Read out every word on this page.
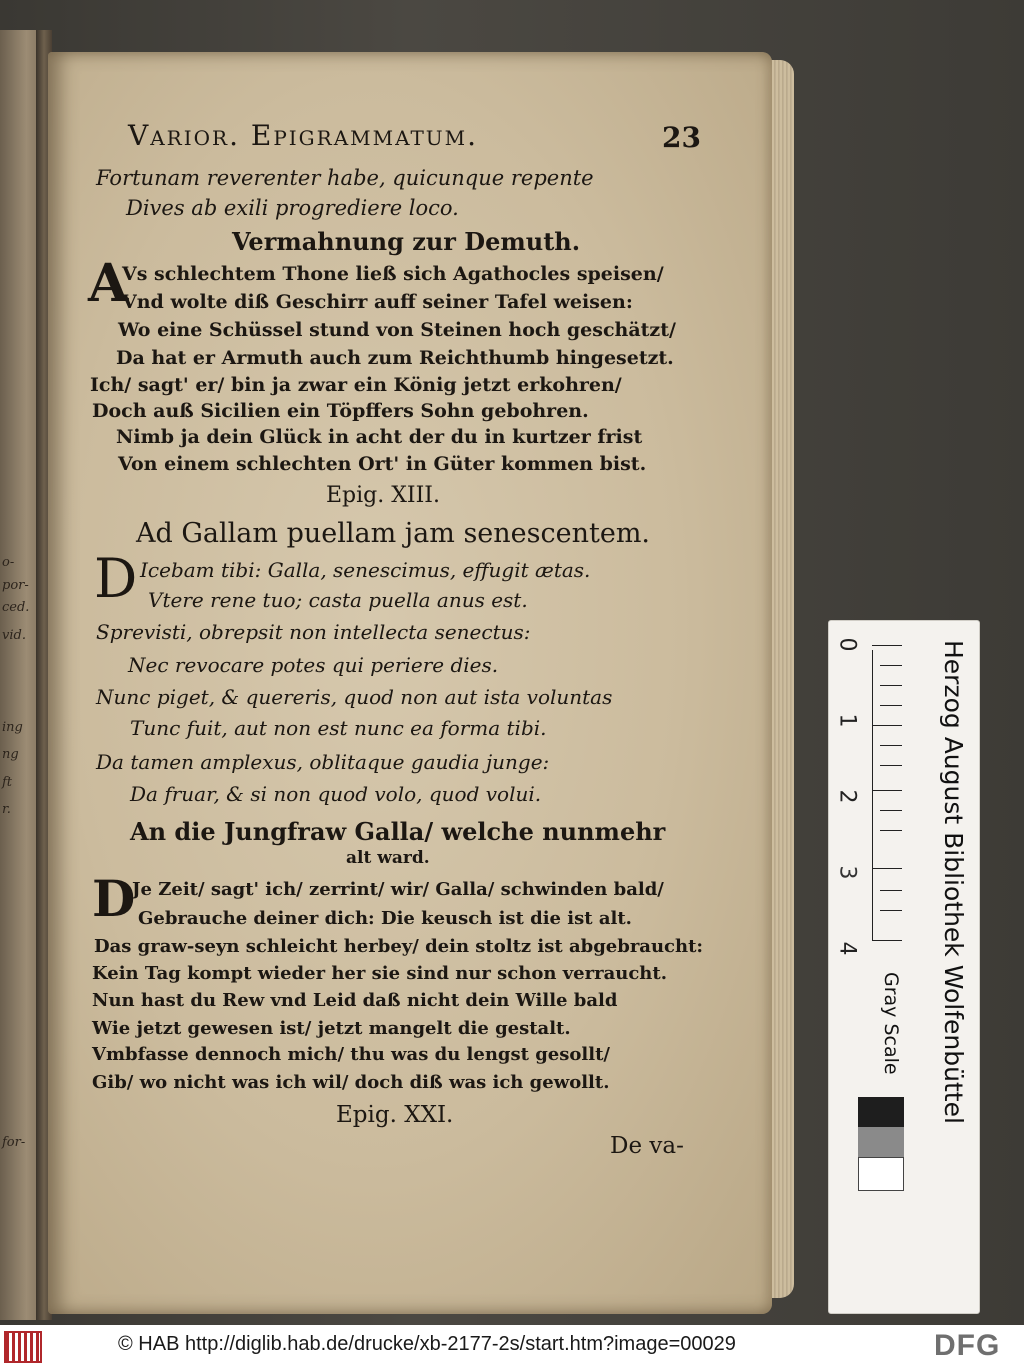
o-
por-
ced.
vid.
ing
ng
ft
r.
for-
Varior. Epigrammatum.	23
Fortunam reverenter habe, quicunque repente
Dives ab exili progrediere loco.
Vermahnung zur Demuth.
A
Vs schlechtem Thone ließ sich Agathocles speisen/
Vnd wolte diß Geschirr auff seiner Tafel weisen:
Wo eine Schüssel stund von Steinen hoch geschätzt/
Da hat er Armuth auch zum Reichthumb hingesetzt.
Ich/ sagt' er/ bin ja zwar ein König jetzt erkohren/
Doch auß Sicilien ein Töpffers Sohn gebohren.
Nimb ja dein Glück in acht der du in kurtzer frist
Von einem schlechten Ort' in Güter kommen bist.
Epig. XIII.
Ad Gallam puellam jam senescentem.
D Icebam tibi: Galla, senescimus, effugit ætas.
Vtere rene tuo; casta puella anus est.
Sprevisti, obrepsit non intellecta senectus:
Nec revocare potes qui periere dies.
Nunc piget, & quereris, quod non aut ista voluntas
Tunc fuit, aut non est nunc ea forma tibi.
Da tamen amplexus, oblitaque gaudia junge:
Da fruar, & si non quod volo, quod volui.
An die Jungfraw Galla/ welche nunmehr
alt ward.
D
Je Zeit/ sagt' ich/ zerrint/ wir/ Galla/ schwinden bald/
Gebrauche deiner dich: Die keusch ist die ist alt.
Das graw-seyn schleicht herbey/ dein stoltz ist abgebraucht:
Kein Tag kompt wieder her sie sind nur schon verraucht.
Nun hast du Rew vnd Leid daß nicht dein Wille bald
Wie jetzt gewesen ist/ jetzt mangelt die gestalt.
Vmbfasse dennoch mich/ thu was du lengst gesollt/
Gib/ wo nicht was ich wil/ doch diß was ich gewollt.
Epig. XXI.
De va-
0
1
2
3
4	Herzog August Bibliothek Wolfenbüttel
Gray Scale
© HAB http://diglib.hab.de/drucke/xb-2177-2s/start.htm?image=00029	DFG
